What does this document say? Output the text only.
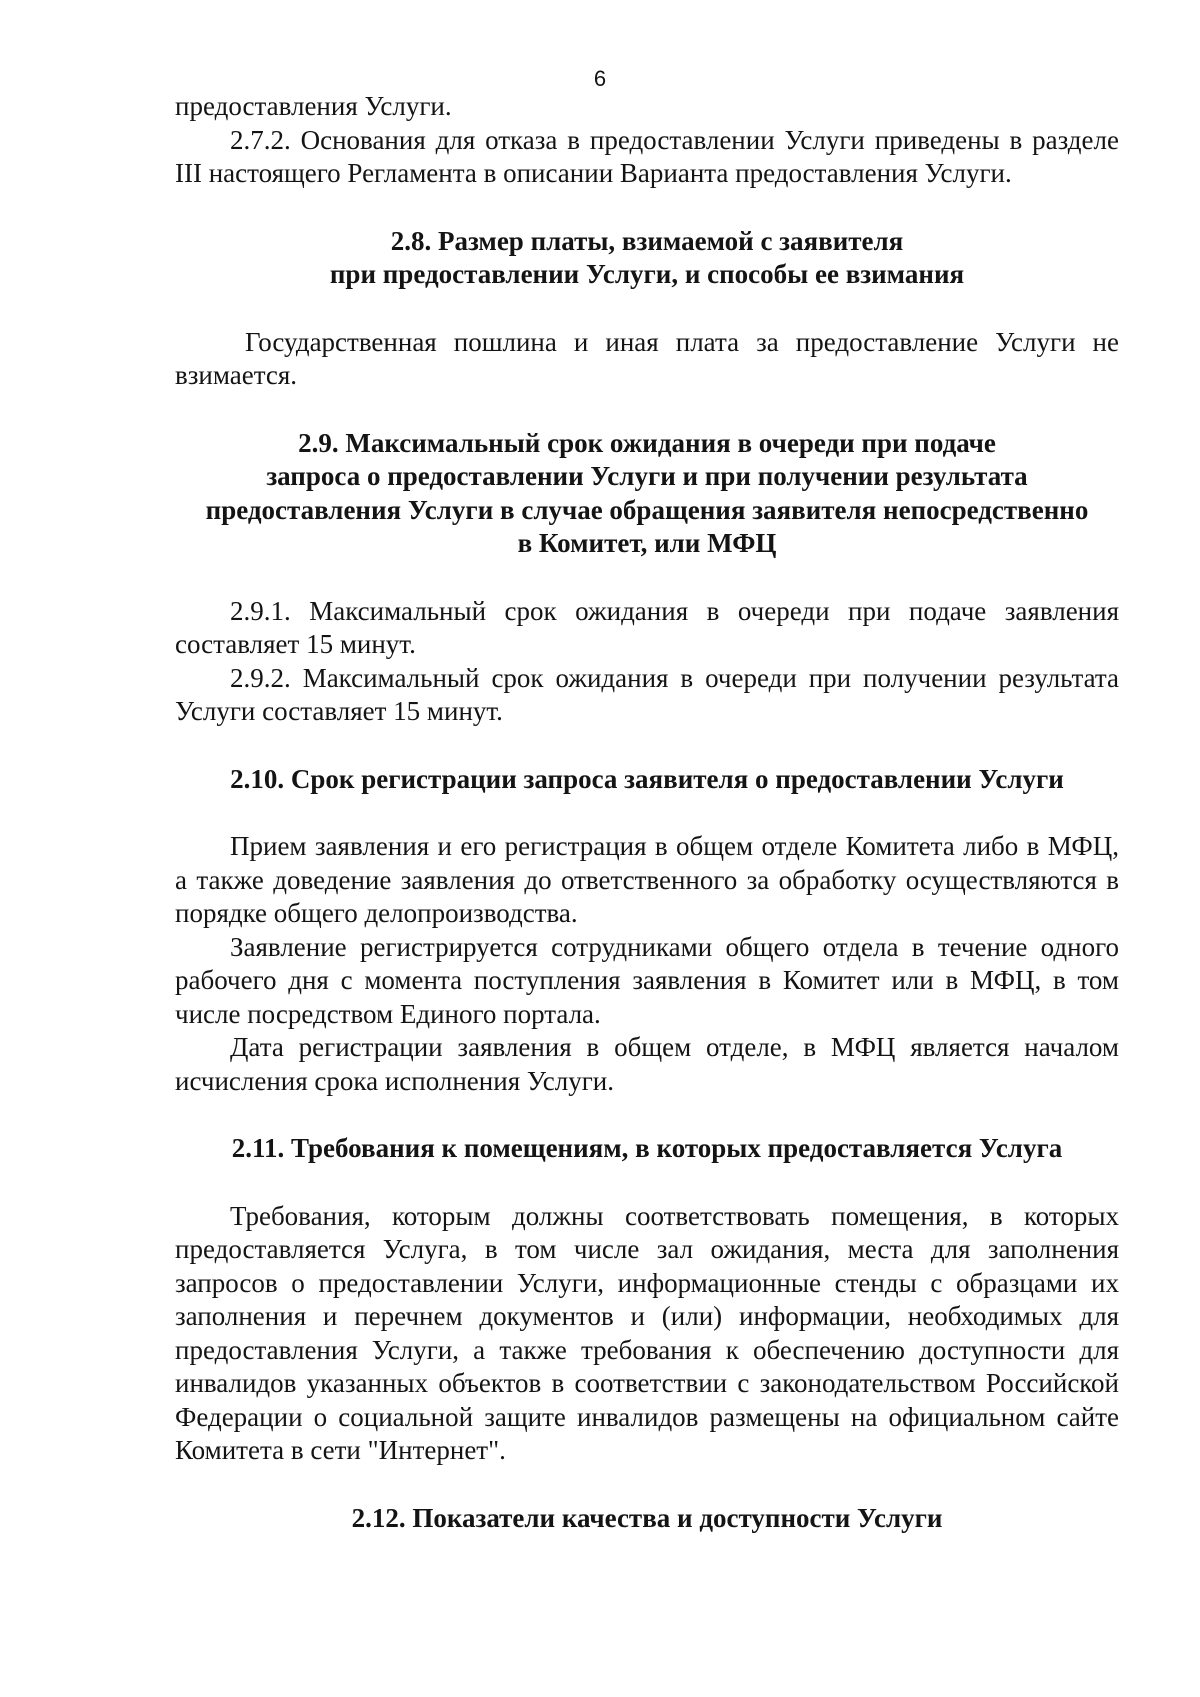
6

предоставления Услуги.

2.7.2. Основания для отказа в предоставлении Услуги приведены в разделе III настоящего Регламента в описании Варианта предоставления Услуги.

2.8. Размер платы, взимаемой с заявителя
при предоставлении Услуги, и способы ее взимания

Государственная пошлина и иная плата за предоставление Услуги не взимается.

2.9. Максимальный срок ожидания в очереди при подаче
запроса о предоставлении Услуги и при получении результата
предоставления Услуги в случае обращения заявителя непосредственно
в Комитет, или МФЦ

2.9.1. Максимальный срок ожидания в очереди при подаче заявления составляет 15 минут.

2.9.2. Максимальный срок ожидания в очереди при получении результата Услуги составляет 15 минут.

2.10. Срок регистрации запроса заявителя о предоставлении Услуги

Прием заявления и его регистрация в общем отделе Комитета либо в МФЦ, а также доведение заявления до ответственного за обработку осуществляются в порядке общего делопроизводства.

Заявление регистрируется сотрудниками общего отдела в течение одного рабочего дня с момента поступления заявления в Комитет или в МФЦ, в том числе посредством Единого портала.

Дата регистрации заявления в общем отделе, в МФЦ является началом исчисления срока исполнения Услуги.

2.11. Требования к помещениям, в которых предоставляется Услуга

Требования, которым должны соответствовать помещения, в которых предоставляется Услуга, в том числе зал ожидания, места для заполнения запросов о предоставлении Услуги, информационные стенды с образцами их заполнения и перечнем документов и (или) информации, необходимых для предоставления Услуги, а также требования к обеспечению доступности для инвалидов указанных объектов в соответствии с законодательством Российской Федерации о социальной защите инвалидов размещены на официальном сайте Комитета в сети "Интернет".

2.12. Показатели качества и доступности Услуги
